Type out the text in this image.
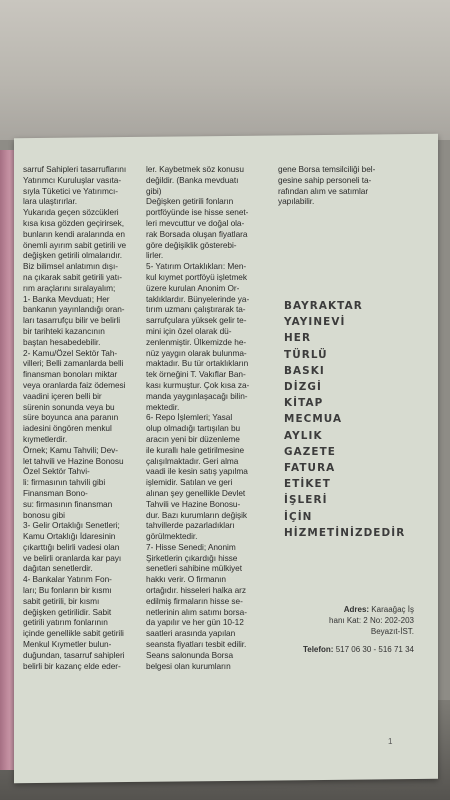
sarruf Sahipleri tasarruflarını

Yatırımcı Kuruluşlar vasıta-

sıyla Tüketici ve Yatırımcı-

lara ulaştırırlar.

Yukarıda geçen sözcükleri

kısa kısa gözden geçirirsek,

bunların kendi aralarında en

önemli ayırım sabit getirili ve

değişken getirili olmalarıdır.

Biz bilimsel anlatımın dışı-

na çıkarak sabit getirili yatı-

rım araçlarını sıralayalım;

1- Banka Mevduatı; Her

bankanın yayınlandığı oran-

ları tasarrufçu bilir ve belirli

bir tarihteki kazancının

baştan hesabedebilir.

2- Kamu/Özel Sektör Tah-

villeri; Belli zamanlarda belli

finansman bonoları miktar

veya oranlarda faiz ödemesi

vaadini içeren belli bir

sürenin sonunda veya bu

süre boyunca ana paranın

iadesini öngören menkul

kıymetlerdir.

Örnek; Kamu Tahvili; Dev-

let tahvili ve Hazine Bonosu

Özel Sektör Tahvi-

li: firmasının tahvili gibi

Finansman Bono-

su: firmasının finansman

bonosu gibi

3- Gelir Ortaklığı Senetleri;

Kamu Ortaklığı İdaresinin

çıkarttığı belirli vadesi olan

ve belirli oranlarda kar payı

dağıtan senetlerdir.

4- Bankalar Yatırım Fon-

ları; Bu fonların bir kısmı

sabit getirili, bir kısmı

değişken getirilidir. Sabit

getirili yatırım fonlarının

içinde genellikle sabit getirili

Menkul Kıymetler bulun-

duğundan, tasarruf sahipleri

belirli bir kazanç elde eder-

ler. Kaybetmek söz konusu

değildir. (Banka mevduatı

gibi)

Değişken getirili fonların

portföyünde ise hisse senet-

leri mevcuttur ve doğal ola-

rak Borsada oluşan fiyatlara

göre değişiklik gösterebi-

lirler.

5- Yatırım Ortaklıkları: Men-

kul kıymet portföyü işletmek

üzere kurulan Anonim Or-

taklıklardır. Bünyelerinde ya-

tırım uzmanı çalıştırarak ta-

sarrufçulara yüksek gelir te-

mini için özel olarak dü-

zenlenmiştir. Ülkemizde he-

nüz yaygın olarak bulunma-

maktadır. Bu tür ortaklıkların

tek örneğini T. Vakıflar Ban-

kası kurmuştur. Çok kısa za-

manda yaygınlaşacağı bilin-

mektedir.

6- Repo İşlemleri; Yasal

olup olmadığı tartışılan bu

aracın yeni bir düzenleme

ile kurallı hale getirilmesine

çalışılmaktadır. Geri alma

vaadi ile kesin satış yapılma

işlemidir. Satılan ve geri

alınan şey genellikle Devlet

Tahvili ve Hazine Bonosu-

dur. Bazı kurumların değişik

tahvillerde pazarladıkları

görülmektedir.

7- Hisse Senedi; Anonim

Şirketlerin çıkardığı hisse

senetleri sahibine mülkiyet

hakkı verir. O firmanın

ortağıdır. hisseleri halka arz

edilmiş firmaların hisse se-

netlerinin alım satımı borsa-

da yapılır ve her gün 10-12

saatleri arasında yapılan

seansta fiyatları tesbit edilir.

Seans salonunda Borsa

belgesi olan kurumların

gene Borsa temsilciliği bel-

gesine sahip personeli ta-

rafından alım ve satımlar

yapılabilir.

BAYRAKTAR
YAYINEVİ
HER
TÜRLÜ
BASKI
DİZGİ
KİTAP
MECMUA
AYLIK
GAZETE
FATURA
ETİKET
İŞLERİ
İÇİN
HİZMETİNİZDEDİR
Adres: Karaağaç İş
hanı Kat: 2 No: 202-203
Beyazıt-İST.
Telefon: 517 06 30 - 516 71 34
1
